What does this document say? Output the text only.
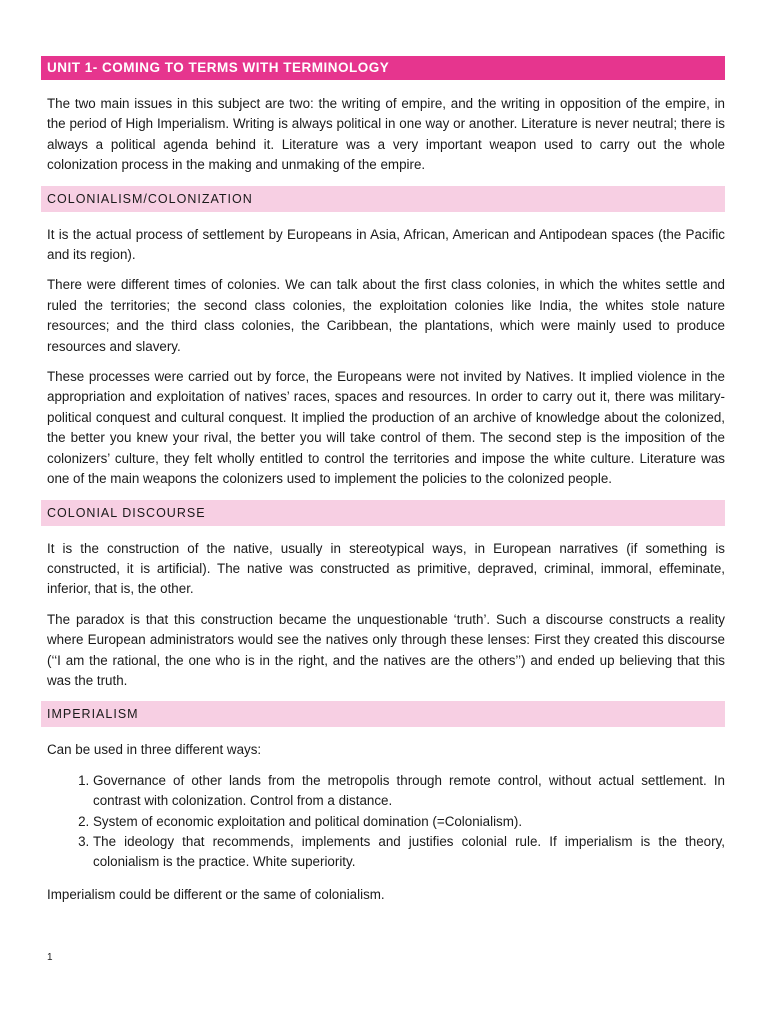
UNIT 1- COMING TO TERMS WITH TERMINOLOGY

The two main issues in this subject are two: the writing of empire, and the writing in opposition of the empire, in the period of High Imperialism. Writing is always political in one way or another. Literature is never neutral; there is always a political agenda behind it. Literature was a very important weapon used to carry out the whole colonization process in the making and unmaking of the empire.

COLONIALISM/COLONIZATION

It is the actual process of settlement by Europeans in Asia, African, American and Antipodean spaces (the Pacific and its region).

There were different times of colonies. We can talk about the first class colonies, in which the whites settle and ruled the territories; the second class colonies, the exploitation colonies like India, the whites stole nature resources; and the third class colonies, the Caribbean, the plantations, which were mainly used to produce resources and slavery.

These processes were carried out by force, the Europeans were not invited by Natives. It implied violence in the appropriation and exploitation of natives’ races, spaces and resources. In order to carry out it, there was military-political conquest and cultural conquest. It implied the production of an archive of knowledge about the colonized, the better you knew your rival, the better you will take control of them. The second step is the imposition of the colonizers’ culture, they felt wholly entitled to control the territories and impose the white culture. Literature was one of the main weapons the colonizers used to implement the policies to the colonized people.

COLONIAL DISCOURSE

It is the construction of the native, usually in stereotypical ways, in European narratives (if something is constructed, it is artificial). The native was constructed as primitive, depraved, criminal, immoral, effeminate, inferior, that is, the other.

The paradox is that this construction became the unquestionable ‘truth’. Such a discourse constructs a reality where European administrators would see the natives only through these lenses: First they created this discourse (‘‘I am the rational, the one who is in the right, and the natives are the others’’) and ended up believing that this was the truth.

IMPERIALISM

Can be used in three different ways:

1. Governance of other lands from the metropolis through remote control, without actual settlement. In contrast with colonization. Control from a distance.
2. System of economic exploitation and political domination (=Colonialism).
3. The ideology that recommends, implements and justifies colonial rule. If imperialism is the theory, colonialism is the practice. White superiority.

Imperialism could be different or the same of colonialism.

1
